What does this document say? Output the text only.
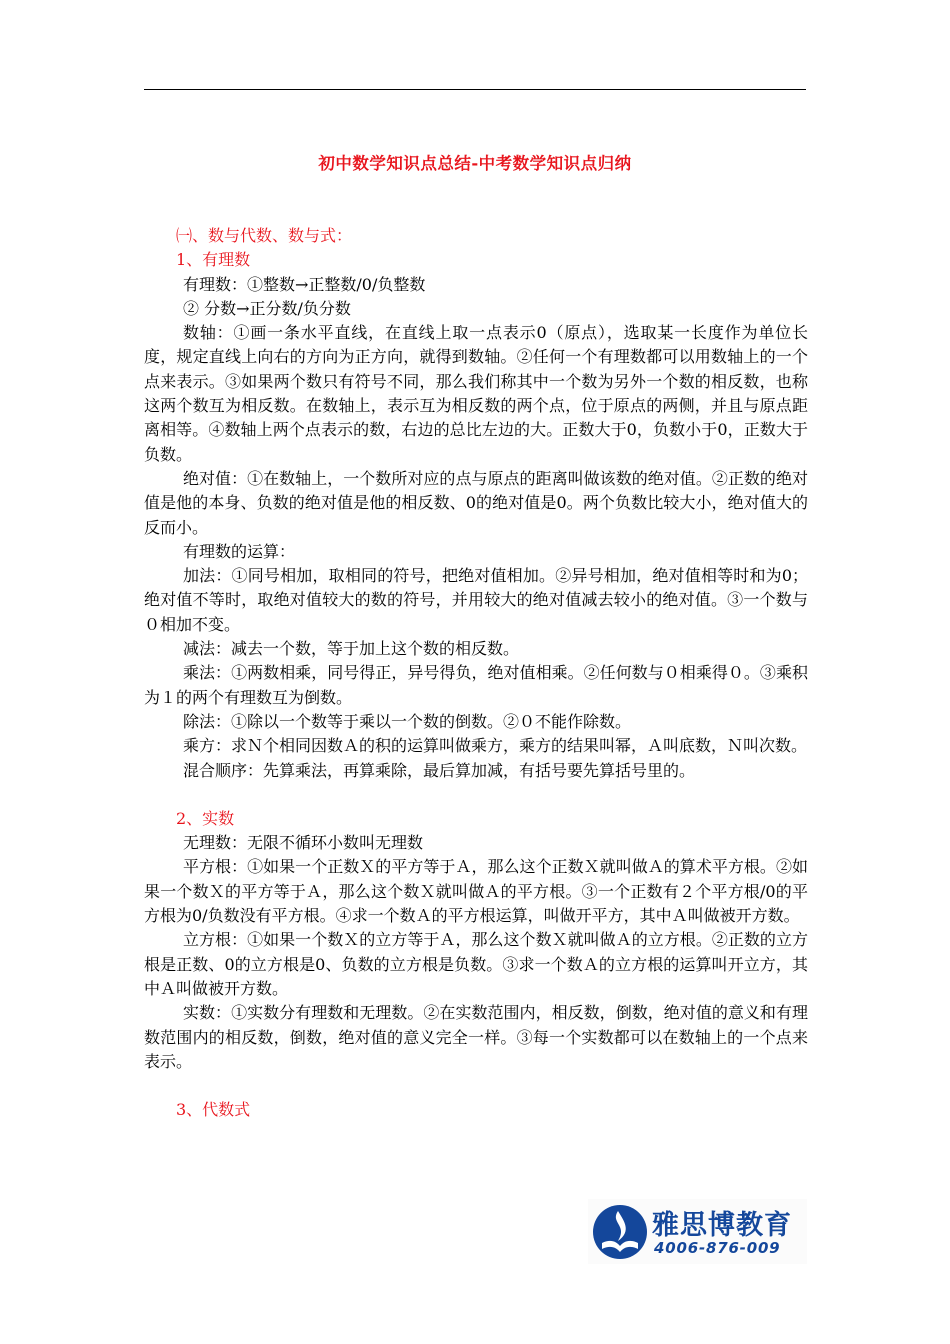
初中数学知识点总结-中考数学知识点归纳

㈠、数与代数、数与式：

1、有理数

有理数：①整数→正整数/0/负整数

② 分数→正分数/负分数

数轴：①画一条水平直线，在直线上取一点表示0（原点），选取某一长度作为单位长度，规定直线上向右的方向为正方向，就得到数轴。②任何一个有理数都可以用数轴上的一个点来表示。③如果两个数只有符号不同，那么我们称其中一个数为另外一个数的相反数，也称这两个数互为相反数。在数轴上，表示互为相反数的两个点，位于原点的两侧，并且与原点距离相等。④数轴上两个点表示的数，右边的总比左边的大。正数大于0，负数小于0，正数大于负数。

绝对值：①在数轴上，一个数所对应的点与原点的距离叫做该数的绝对值。②正数的绝对值是他的本身、负数的绝对值是他的相反数、0的绝对值是0。两个负数比较大小，绝对值大的反而小。

有理数的运算：

加法：①同号相加，取相同的符号，把绝对值相加。②异号相加，绝对值相等时和为0；绝对值不等时，取绝对值较大的数的符号，并用较大的绝对值减去较小的绝对值。③一个数与０相加不变。

减法：减去一个数，等于加上这个数的相反数。

乘法：①两数相乘，同号得正，异号得负，绝对值相乘。②任何数与０相乘得０。③乘积为１的两个有理数互为倒数。

除法：①除以一个数等于乘以一个数的倒数。②０不能作除数。

乘方：求Ｎ个相同因数Ａ的积的运算叫做乘方，乘方的结果叫幂，Ａ叫底数，Ｎ叫次数。

混合顺序：先算乘法，再算乘除，最后算加减，有括号要先算括号里的。

2、实数

无理数：无限不循环小数叫无理数

平方根：①如果一个正数Ｘ的平方等于Ａ，那么这个正数Ｘ就叫做Ａ的算术平方根。②如果一个数Ｘ的平方等于Ａ，那么这个数Ｘ就叫做Ａ的平方根。③一个正数有２个平方根/0的平方根为0/负数没有平方根。④求一个数Ａ的平方根运算，叫做开平方，其中Ａ叫做被开方数。

立方根：①如果一个数Ｘ的立方等于Ａ，那么这个数Ｘ就叫做Ａ的立方根。②正数的立方根是正数、0的立方根是0、负数的立方根是负数。③求一个数Ａ的立方根的运算叫开立方，其中Ａ叫做被开方数。

实数：①实数分有理数和无理数。②在实数范围内，相反数，倒数，绝对值的意义和有理数范围内的相反数，倒数，绝对值的意义完全一样。③每一个实数都可以在数轴上的一个点来表示。

3、代数式

雅思博教育
4006-876-009
